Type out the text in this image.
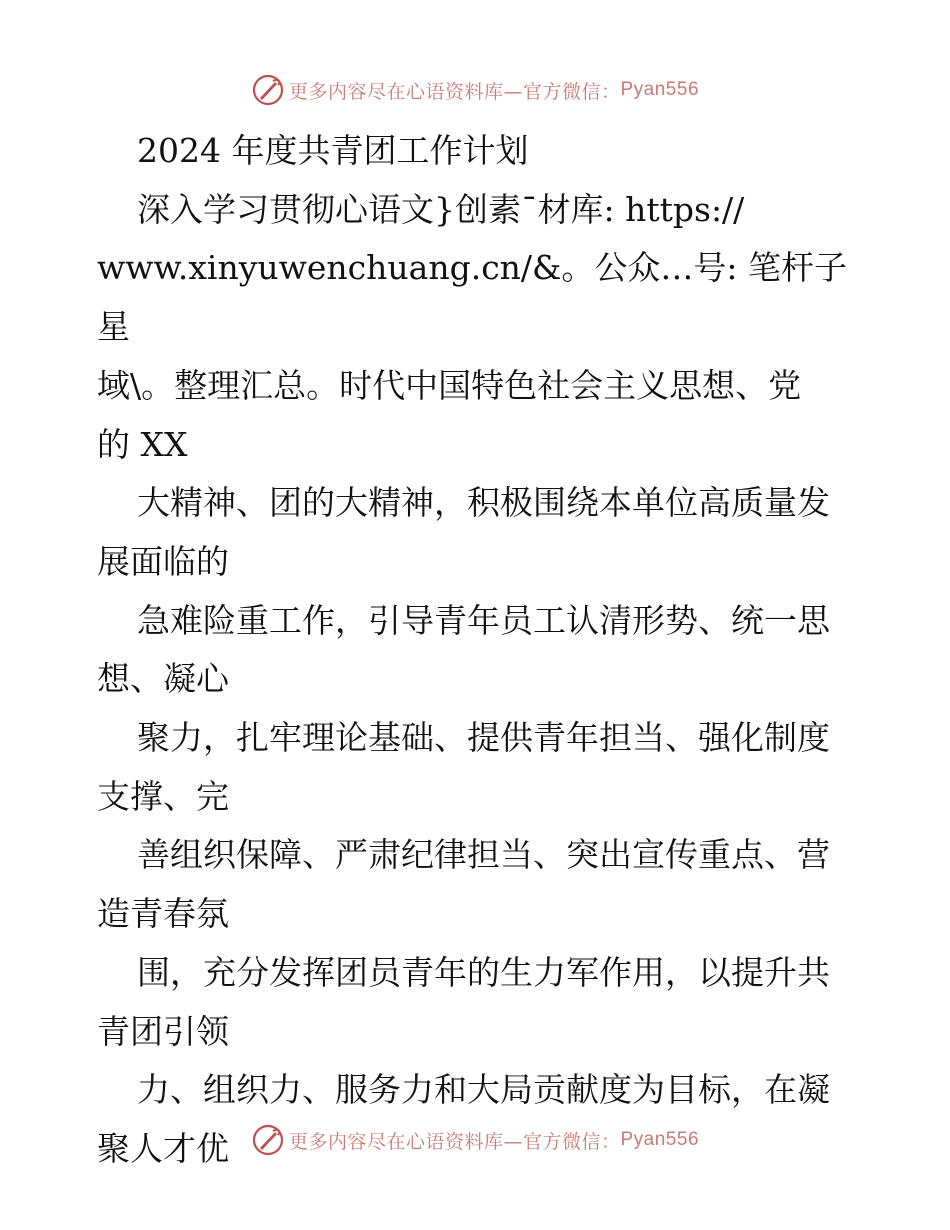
更多内容尽在心语资料库—官方微信： Pyan556

2024 年度共青团工作计划

深入学习贯彻心语文}创素¯材库: https://

www.xinyuwenchuang.cn/&。公众…号: 笔杆子星

域\。整理汇总。时代中国特色社会主义思想、党

的 XX

大精神、团的大精神，积极围绕本单位高质量发

展面临的

急难险重工作，引导青年员工认清形势、统一思

想、凝心

聚力，扎牢理论基础、提供青年担当、强化制度

支撑、完

善组织保障、严肃纪律担当、突出宣传重点、营

造青春氛

围，充分发挥团员青年的生力军作用，以提升共

青团引领

力、组织力、服务力和大局贡献度为目标，在凝

聚人才优	更多内容尽在心语资料库—官方微信： Pyan556
